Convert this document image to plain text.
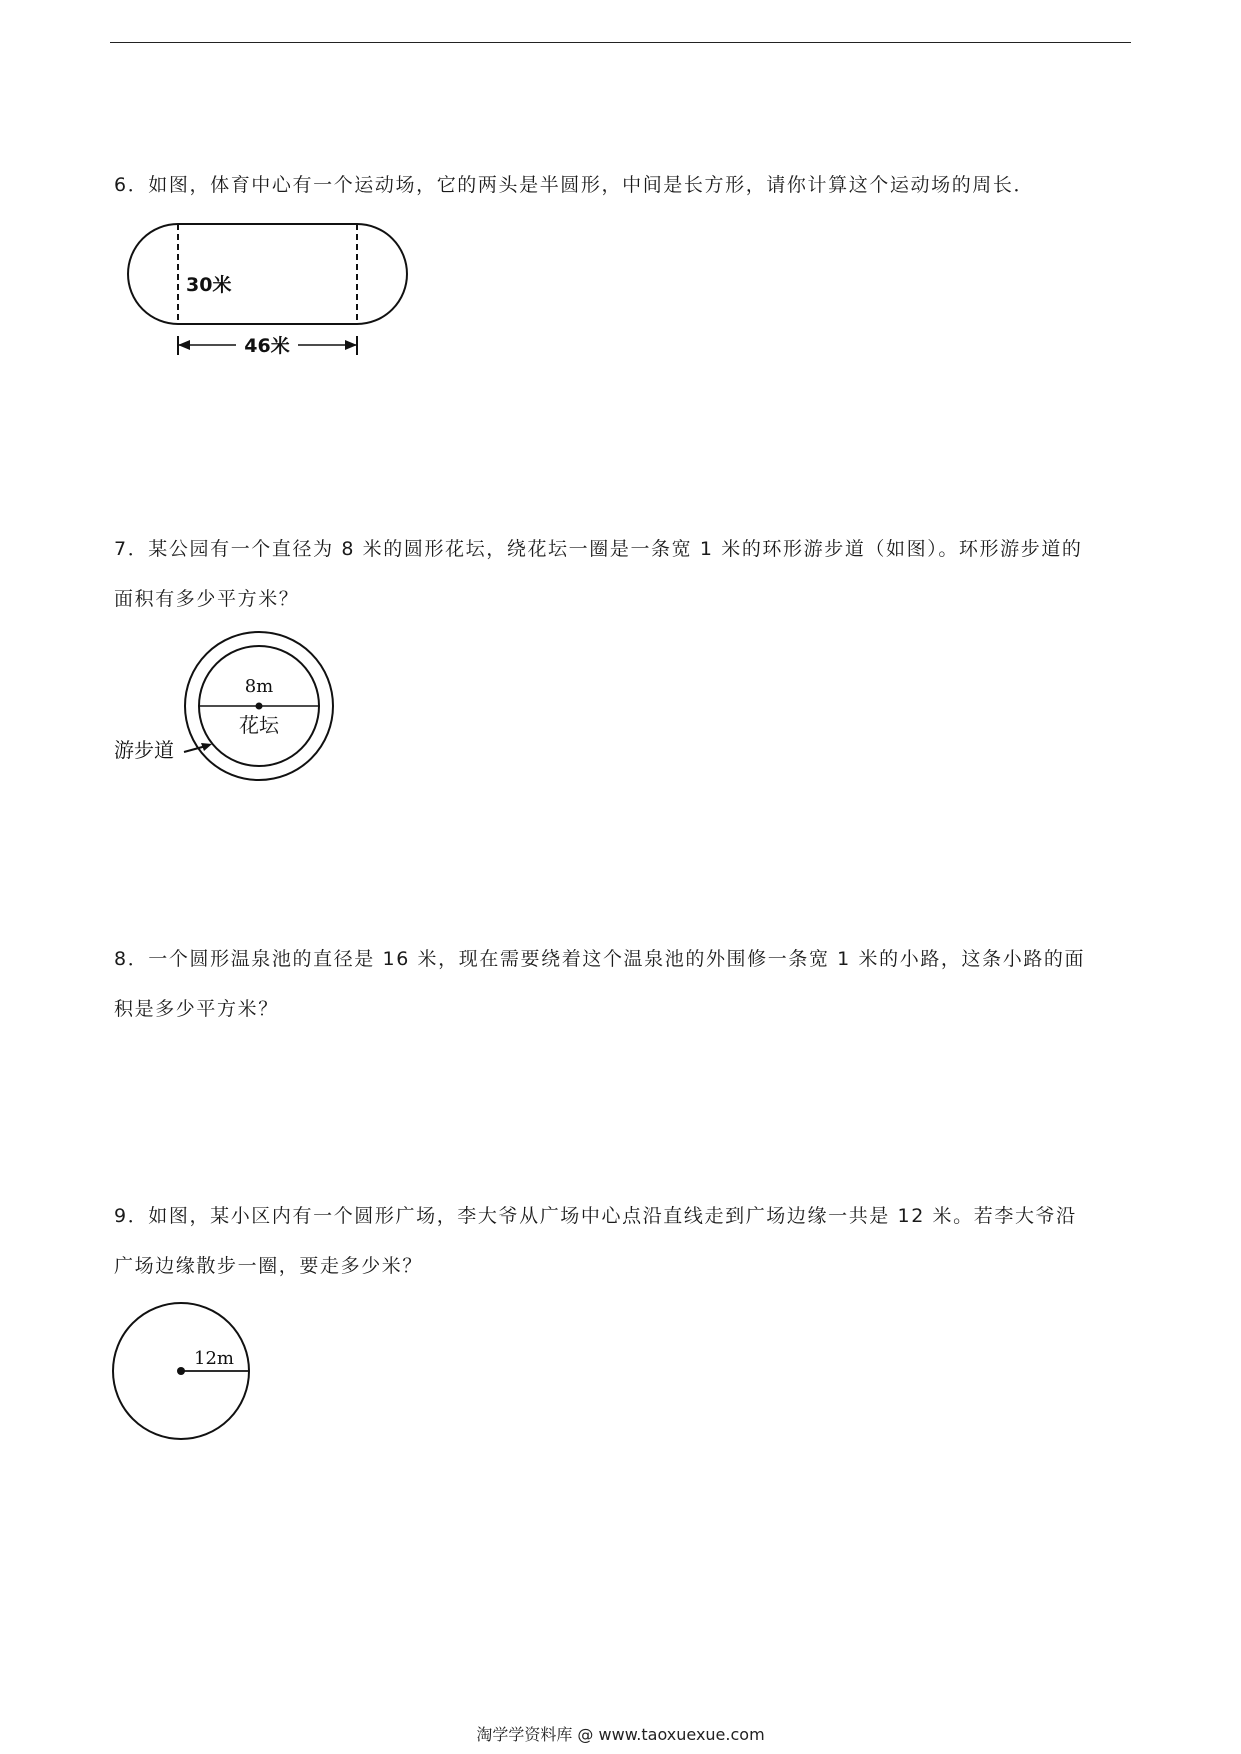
6．如图，体育中心有一个运动场，它的两头是半圆形，中间是长方形，请你计算这个运动场的周长．
30米
46米
7．某公园有一个直径为 8 米的圆形花坛，绕花坛一圈是一条宽 1 米的环形游步道（如图）。环形游步道的
面积有多少平方米？
8m
花坛
游步道
8．一个圆形温泉池的直径是 16 米，现在需要绕着这个温泉池的外围修一条宽 1 米的小路，这条小路的面
积是多少平方米？
9．如图，某小区内有一个圆形广场，李大爷从广场中心点沿直线走到广场边缘一共是 12 米。若李大爷沿
广场边缘散步一圈，要走多少米？
12m
淘学学资料库 @ www.taoxuexue.com
